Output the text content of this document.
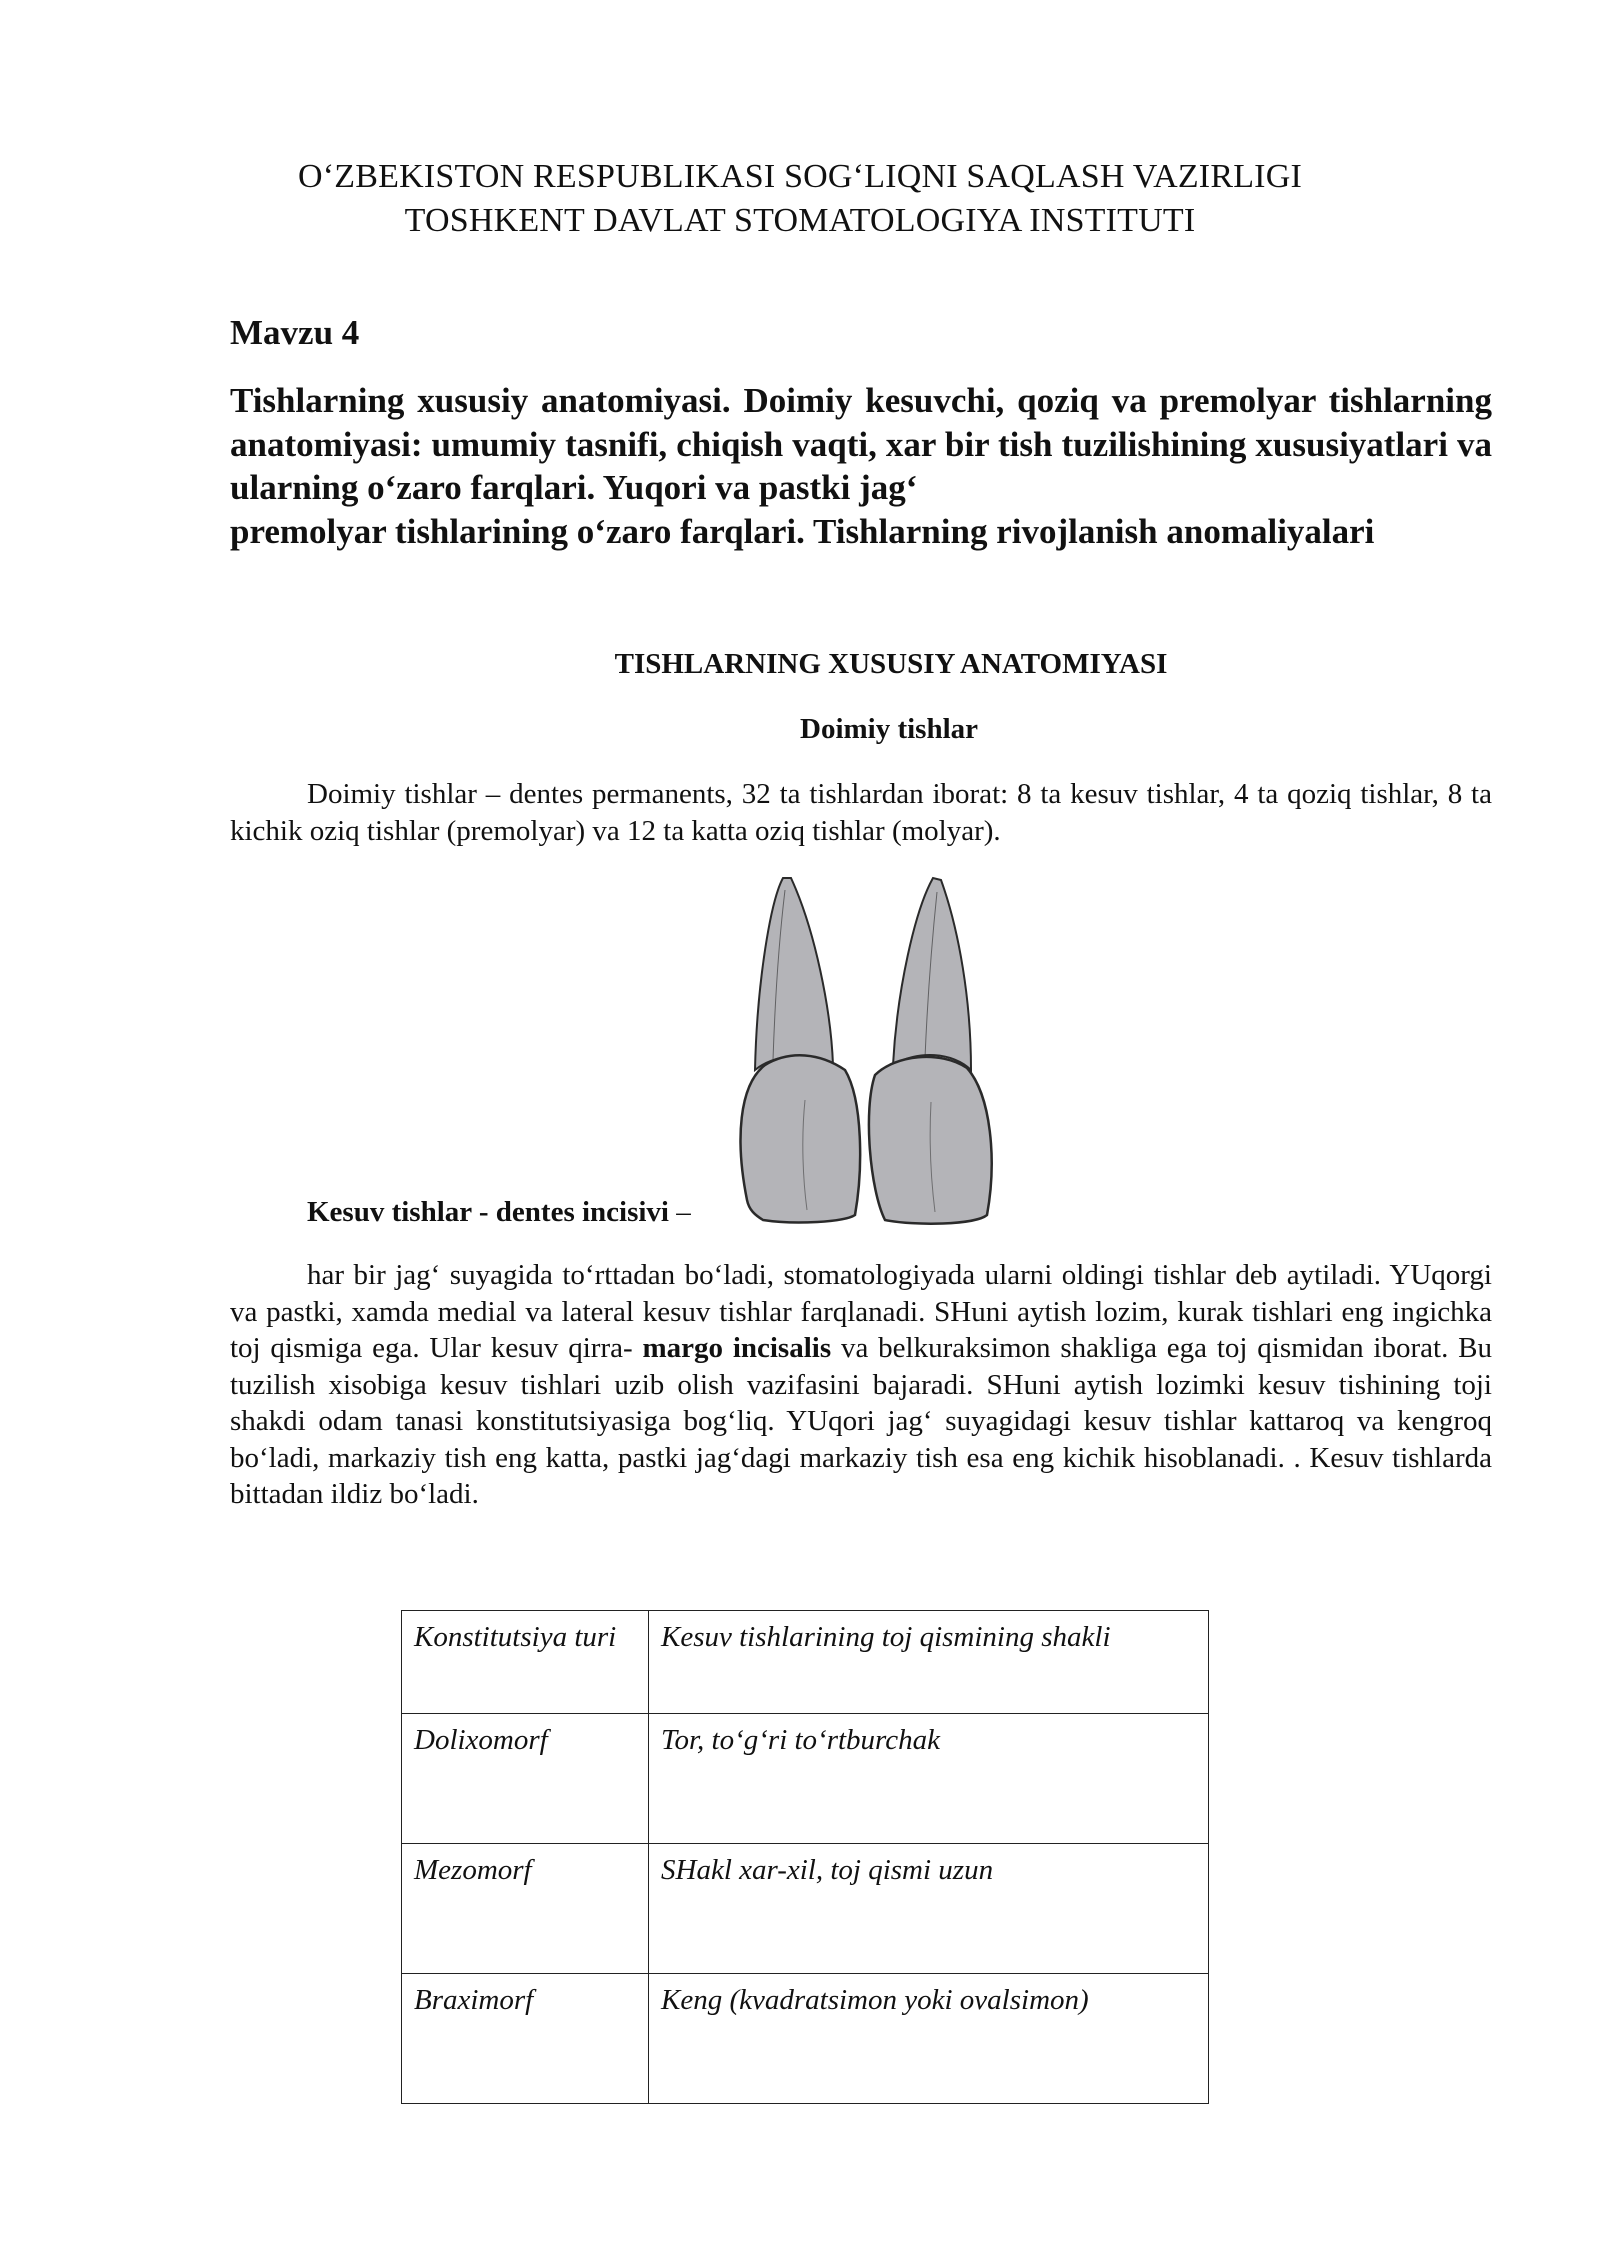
O‘ZBEKISTON RESPUBLIKASI SOG‘LIQNI SAQLASH VAZIRLIGI
TOSHKENT DAVLAT STOMATOLOGIYA INSTITUTI
Mavzu 4
Tishlarning xususiy anatomiyasi. Doimiy kesuvchi, qoziq va premolyar tishlarning anatomiyasi: umumiy tasnifi, chiqish vaqti, xar bir tish tuzilishining xususiyatlari va ularning o‘zaro farqlari. Yuqori va pastki jag‘
premolyar tishlarining o‘zaro farqlari. Tishlarning rivojlanish anomaliyalari
TISHLARNING XUSUSIY ANATOMIYASI
Doimiy tishlar
Doimiy tishlar – dentes permanents, 32 ta tishlardan iborat: 8 ta kesuv tishlar, 4 ta qoziq tishlar, 8 ta kichik oziq tishlar (premolyar) va 12 ta katta oziq tishlar (molyar).
Kesuv tishlar - dentes incisivi –
har bir jag‘ suyagida to‘rttadan bo‘ladi, stomatologiyada ularni oldingi tishlar deb aytiladi. YUqorgi va pastki, xamda medial va lateral kesuv tishlar farqlanadi. SHuni aytish lozim, kurak tishlari eng ingichka toj qismiga ega. Ular kesuv qirra- margo incisalis va belkuraksimon shakliga ega toj qismidan iborat. Bu tuzilish xisobiga kesuv tishlari uzib olish vazifasini bajaradi. SHuni aytish lozimki kesuv tishining toji shakdi odam tanasi konstitutsiyasiga bog‘liq. YUqori jag‘ suyagidagi kesuv tishlar kattaroq va kengroq bo‘ladi, markaziy tish eng katta, pastki jag‘dagi markaziy tish esa eng kichik hisoblanadi. . Kesuv tishlarda bittadan ildiz bo‘ladi.
Konstitutsiya turi	Kesuv tishlarining toj qismining shakli
Dolixomorf	Tor, to‘g‘ri to‘rtburchak
Mezomorf	SHakl xar-xil, toj qismi uzun
Braximorf	Keng (kvadratsimon yoki ovalsimon)
